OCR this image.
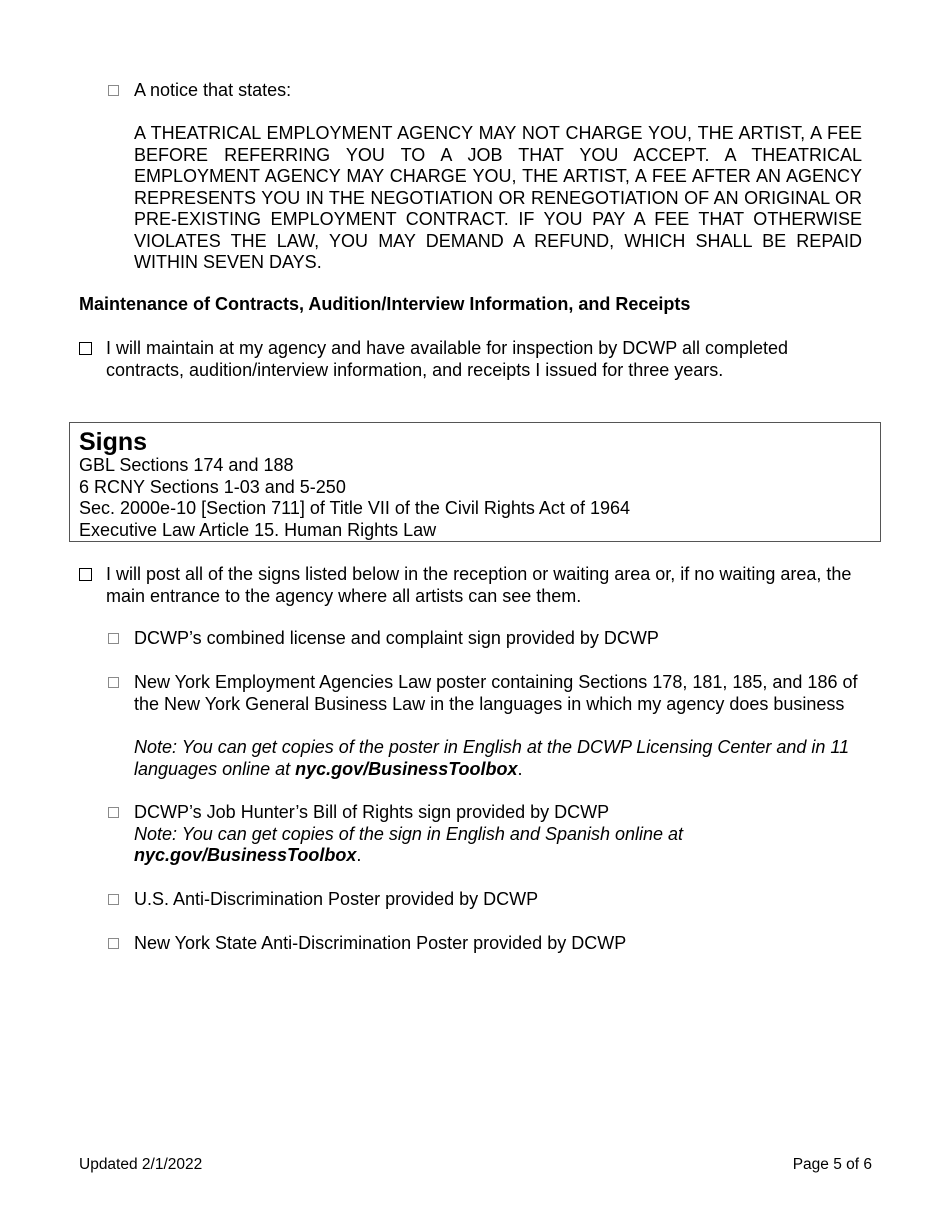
A notice that states:
A THEATRICAL EMPLOYMENT AGENCY MAY NOT CHARGE YOU, THE ARTIST, A FEE BEFORE REFERRING YOU TO A JOB THAT YOU ACCEPT. A THEATRICAL EMPLOYMENT AGENCY MAY CHARGE YOU, THE ARTIST, A FEE AFTER AN AGENCY REPRESENTS YOU IN THE NEGOTIATION OR RENEGOTIATION OF AN ORIGINAL OR PRE-EXISTING EMPLOYMENT CONTRACT. IF YOU PAY A FEE THAT OTHERWISE VIOLATES THE LAW, YOU MAY DEMAND A REFUND, WHICH SHALL BE REPAID WITHIN SEVEN DAYS.
Maintenance of Contracts, Audition/Interview Information, and Receipts
I will maintain at my agency and have available for inspection by DCWP all completed contracts, audition/interview information, and receipts I issued for three years.
Signs
GBL Sections 174 and 188
6 RCNY Sections 1-03 and 5-250
Sec. 2000e-10 [Section 711] of Title VII of the Civil Rights Act of 1964
Executive Law Article 15. Human Rights Law
I will post all of the signs listed below in the reception or waiting area or, if no waiting area, the main entrance to the agency where all artists can see them.
DCWP’s combined license and complaint sign provided by DCWP
New York Employment Agencies Law poster containing Sections 178, 181, 185, and 186 of the New York General Business Law in the languages in which my agency does business
Note: You can get copies of the poster in English at the DCWP Licensing Center and in 11 languages online at nyc.gov/BusinessToolbox.
DCWP’s Job Hunter’s Bill of Rights sign provided by DCWP
Note: You can get copies of the sign in English and Spanish online at nyc.gov/BusinessToolbox.
U.S. Anti-Discrimination Poster provided by DCWP
New York State Anti-Discrimination Poster provided by DCWP
Updated 2/1/2022	Page 5 of 6
